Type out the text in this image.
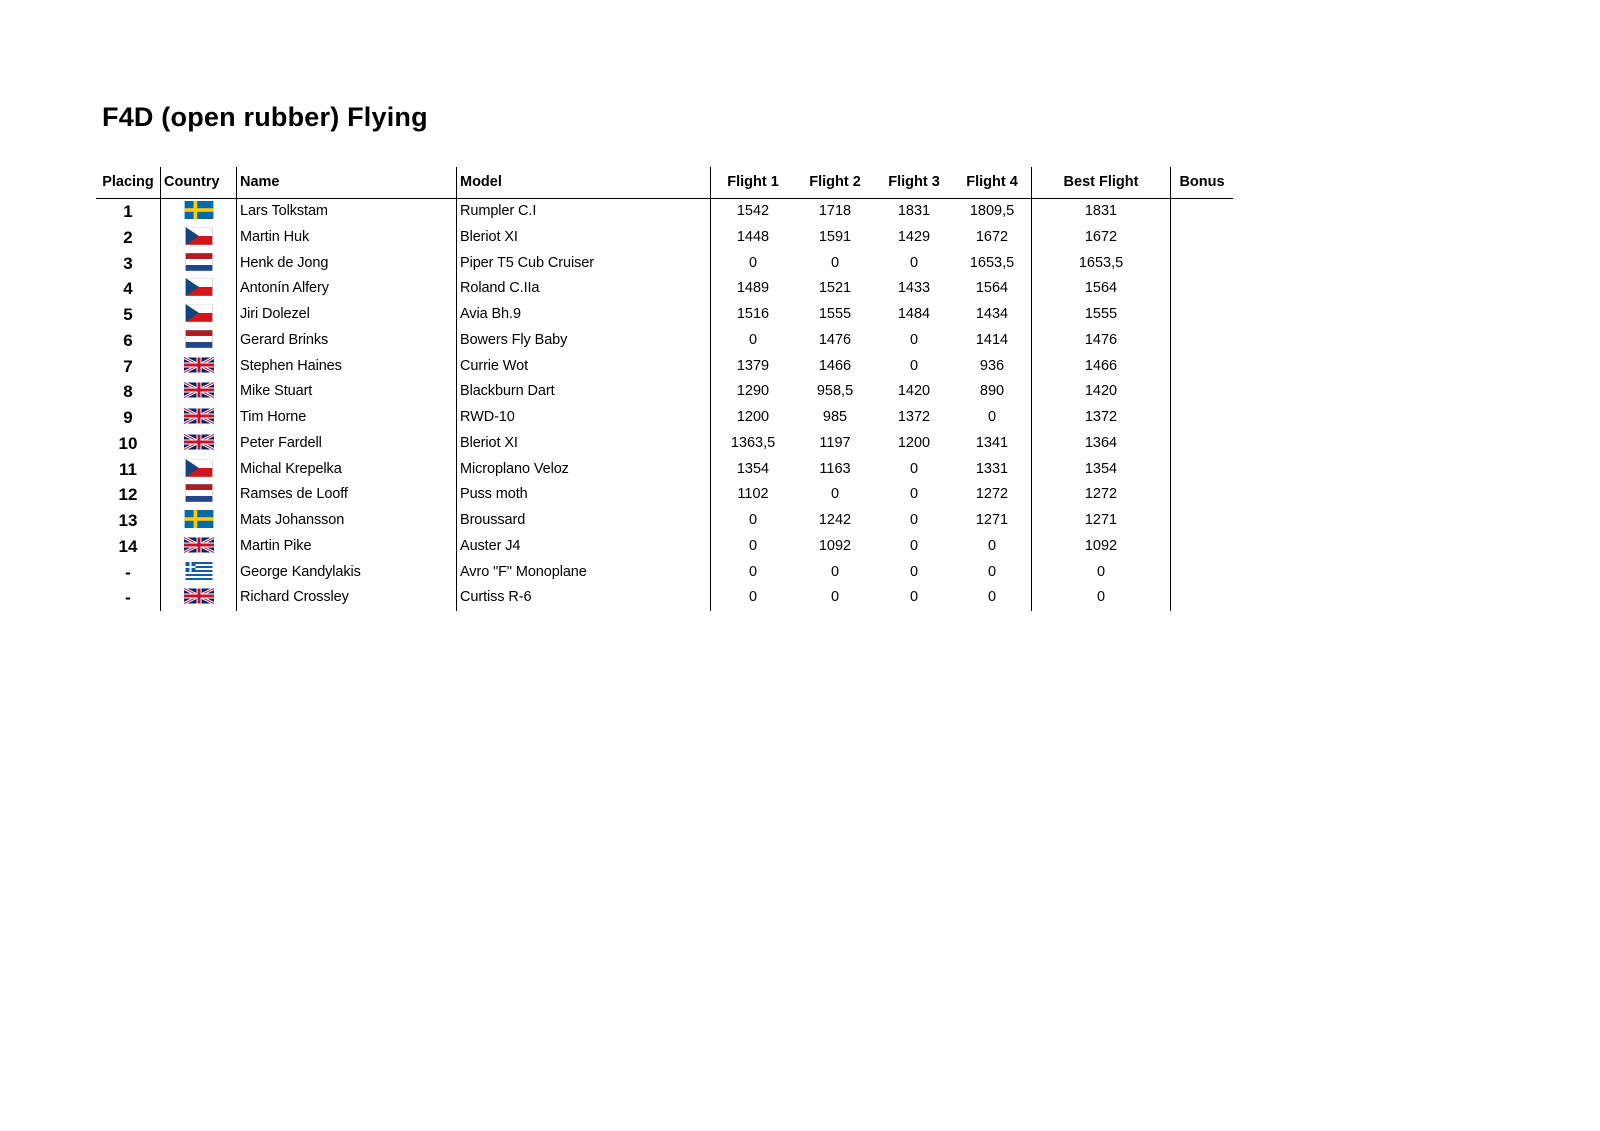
F4D (open rubber) Flying
Placing	Country	Name	Model	Flight 1	Flight 2	Flight 3	Flight 4	Best Flight	Bonus
1		Lars Tolkstam	Rumpler C.I	1542	1718	1831	1809,5	1831	
2		Martin Huk	Bleriot XI	1448	1591	1429	1672	1672	
3		Henk de Jong	Piper T5 Cub Cruiser	0	0	0	1653,5	1653,5	
4		Antonín Alfery	Roland C.IIa	1489	1521	1433	1564	1564	
5		Jiri Dolezel	Avia Bh.9	1516	1555	1484	1434	1555	
6		Gerard Brinks	Bowers Fly Baby	0	1476	0	1414	1476	
7		Stephen Haines	Currie Wot	1379	1466	0	936	1466	
8		Mike Stuart	Blackburn Dart	1290	958,5	1420	890	1420	
9		Tim Horne	RWD-10	1200	985	1372	0	1372	
10		Peter Fardell	Bleriot XI	1363,5	1197	1200	1341	1364	
11		Michal Krepelka	Microplano Veloz	1354	1163	0	1331	1354	
12		Ramses de Looff	Puss moth	1102	0	0	1272	1272	
13		Mats Johansson	Broussard	0	1242	0	1271	1271	
14		Martin Pike	Auster J4	0	1092	0	0	1092	
-		George Kandylakis	Avro "F" Monoplane	0	0	0	0	0	
-		Richard Crossley	Curtiss R-6	0	0	0	0	0	
